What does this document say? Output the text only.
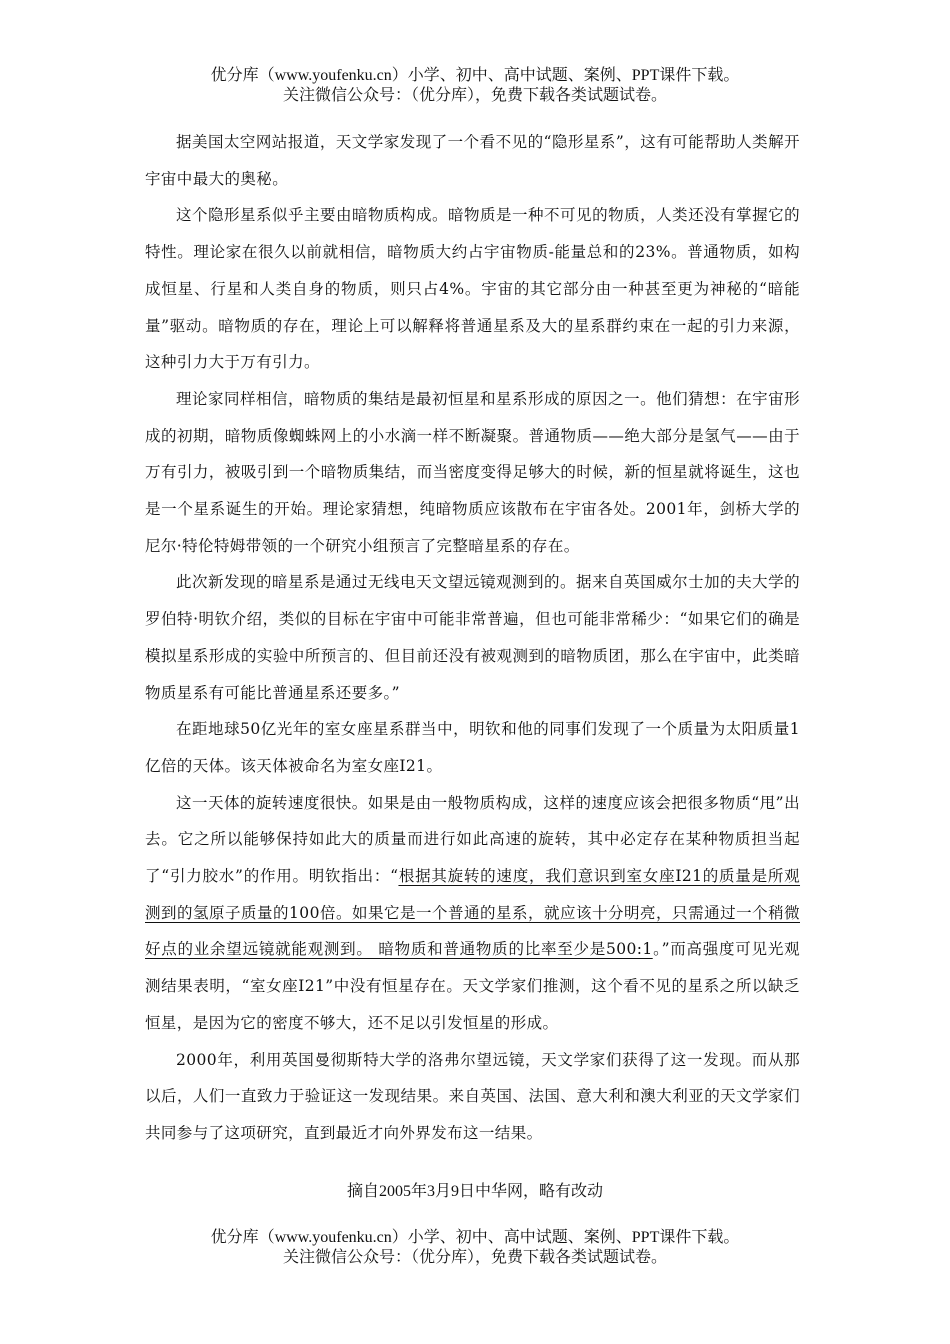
优分库（www.youfenku.cn）小学、初中、高中试题、案例、PPT课件下载。
关注微信公众号：（优分库），免费下载各类试题试卷。

据美国太空网站报道，天文学家发现了一个看不见的“隐形星系”，这有可能帮助人类解开宇宙中最大的奥秘。

这个隐形星系似乎主要由暗物质构成。暗物质是一种不可见的物质，人类还没有掌握它的特性。理论家在很久以前就相信，暗物质大约占宇宙物质-能量总和的23%。普通物质，如构成恒星、行星和人类自身的物质，则只占4%。宇宙的其它部分由一种甚至更为神秘的“暗能量”驱动。暗物质的存在，理论上可以解释将普通星系及大的星系群约束在一起的引力来源，这种引力大于万有引力。

理论家同样相信，暗物质的集结是最初恒星和星系形成的原因之一。他们猜想：在宇宙形成的初期，暗物质像蜘蛛网上的小水滴一样不断凝聚。普通物质——绝大部分是氢气——由于万有引力，被吸引到一个暗物质集结，而当密度变得足够大的时候，新的恒星就将诞生，这也是一个星系诞生的开始。理论家猜想，纯暗物质应该散布在宇宙各处。2001年，剑桥大学的尼尔·特伦特姆带领的一个研究小组预言了完整暗星系的存在。

此次新发现的暗星系是通过无线电天文望远镜观测到的。据来自英国威尔士加的夫大学的罗伯特·明钦介绍，类似的目标在宇宙中可能非常普遍，但也可能非常稀少：“如果它们的确是模拟星系形成的实验中所预言的、但目前还没有被观测到的暗物质团，那么在宇宙中，此类暗物质星系有可能比普通星系还要多。”

在距地球50亿光年的室女座星系群当中，明钦和他的同事们发现了一个质量为太阳质量1亿倍的天体。该天体被命名为室女座I21。

这一天体的旋转速度很快。如果是由一般物质构成，这样的速度应该会把很多物质“甩”出去。它之所以能够保持如此大的质量而进行如此高速的旋转，其中必定存在某种物质担当起了“引力胶水”的作用。明钦指出：“根据其旋转的速度，我们意识到室女座I21的质量是所观测到的氢原子质量的100倍。如果它是一个普通的星系，就应该十分明亮，只需通过一个稍微好点的业余望远镜就能观测到。 暗物质和普通物质的比率至少是500:1。”而高强度可见光观测结果表明，“室女座I21”中没有恒星存在。天文学家们推测，这个看不见的星系之所以缺乏恒星，是因为它的密度不够大，还不足以引发恒星的形成。

2000年，利用英国曼彻斯特大学的洛弗尔望远镜，天文学家们获得了这一发现。而从那以后，人们一直致力于验证这一发现结果。来自英国、法国、意大利和澳大利亚的天文学家们共同参与了这项研究，直到最近才向外界发布这一结果。

摘自2005年3月9日中华网，略有改动
优分库（www.youfenku.cn）小学、初中、高中试题、案例、PPT课件下载。
关注微信公众号：（优分库），免费下载各类试题试卷。
